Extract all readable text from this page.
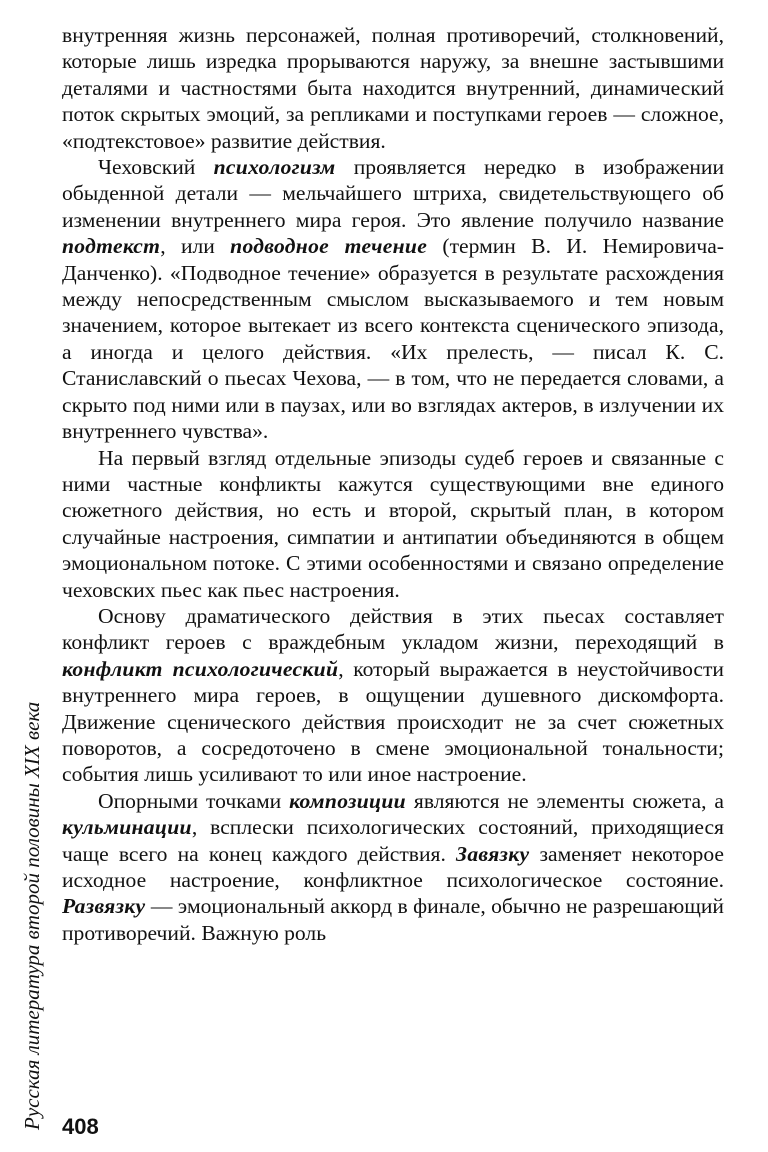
внутренняя жизнь персонажей, полная противоречий, столкновений, которые лишь изредка прорываются наружу, за внешне застывшими деталями и частностями быта находится внутренний, динамический поток скрытых эмоций, за репликами и поступками героев — сложное, «подтекстовое» развитие действия.

Чеховский психологизм проявляется нередко в изображении обыденной детали — мельчайшего штриха, свидетельствующего об изменении внутреннего мира героя. Это явление получило название подтекст, или подводное течение (термин В. И. Немировича-Данченко). «Подводное течение» образуется в результате расхождения между непосредственным смыслом высказываемого и тем новым значением, которое вытекает из всего контекста сценического эпизода, а иногда и целого действия. «Их прелесть, — писал К. С. Станиславский о пьесах Чехова, — в том, что не передается словами, а скрыто под ними или в паузах, или во взглядах актеров, в излучении их внутреннего чувства».

На первый взгляд отдельные эпизоды судеб героев и связанные с ними частные конфликты кажутся существующими вне единого сюжетного действия, но есть и второй, скрытый план, в котором случайные настроения, симпатии и антипатии объединяются в общем эмоциональном потоке. С этими особенностями и связано определение чеховских пьес как пьес настроения.

Основу драматического действия в этих пьесах составляет конфликт героев с враждебным укладом жизни, переходящий в конфликт психологический, который выражается в неустойчивости внутреннего мира героев, в ощущении душевного дискомфорта. Движение сценического действия происходит не за счет сюжетных поворотов, а сосредоточено в смене эмоциональной тональности; события лишь усиливают то или иное настроение.

Опорными точками композиции являются не элементы сюжета, а кульминации, всплески психологических состояний, приходящиеся чаще всего на конец каждого действия. Завязку заменяет некоторое исходное настроение, конфликтное психологическое состояние. Развязку — эмоциональный аккорд в финале, обычно не разрешающий противоречий. Важную роль

Русская литература второй половины XIX века 408
